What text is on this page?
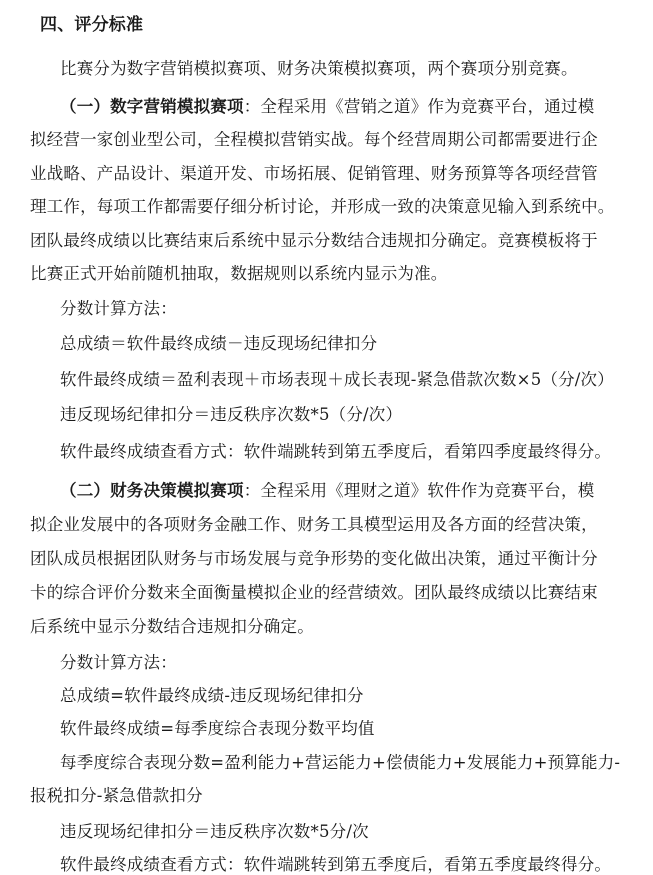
四、评分标准
比赛分为数字营销模拟赛项、财务决策模拟赛项，两个赛项分别竞赛。
（一）数字营销模拟赛项：全程采用《营销之道》作为竞赛平台，通过模
拟经营一家创业型公司，全程模拟营销实战。每个经营周期公司都需要进行企
业战略、产品设计、渠道开发、市场拓展、促销管理、财务预算等各项经营管
理工作，每项工作都需要仔细分析讨论，并形成一致的决策意见输入到系统中。
团队最终成绩以比赛结束后系统中显示分数结合违规扣分确定。竞赛模板将于
比赛正式开始前随机抽取，数据规则以系统内显示为准。
分数计算方法：
总成绩＝软件最终成绩－违反现场纪律扣分
软件最终成绩＝盈利表现＋市场表现＋成长表现-紧急借款次数×5（分/次）
违反现场纪律扣分＝违反秩序次数*5（分/次）
软件最终成绩查看方式：软件端跳转到第五季度后，看第四季度最终得分。
（二）财务决策模拟赛项：全程采用《理财之道》软件作为竞赛平台，模
拟企业发展中的各项财务金融工作、财务工具模型运用及各方面的经营决策，
团队成员根据团队财务与市场发展与竞争形势的变化做出决策，通过平衡计分
卡的综合评价分数来全面衡量模拟企业的经营绩效。团队最终成绩以比赛结束
后系统中显示分数结合违规扣分确定。
分数计算方法：
总成绩=软件最终成绩-违反现场纪律扣分
软件最终成绩=每季度综合表现分数平均值
每季度综合表现分数=盈利能力+营运能力+偿债能力+发展能力+预算能力-
报税扣分-紧急借款扣分
违反现场纪律扣分＝违反秩序次数*5分/次
软件最终成绩查看方式：软件端跳转到第五季度后，看第五季度最终得分。
